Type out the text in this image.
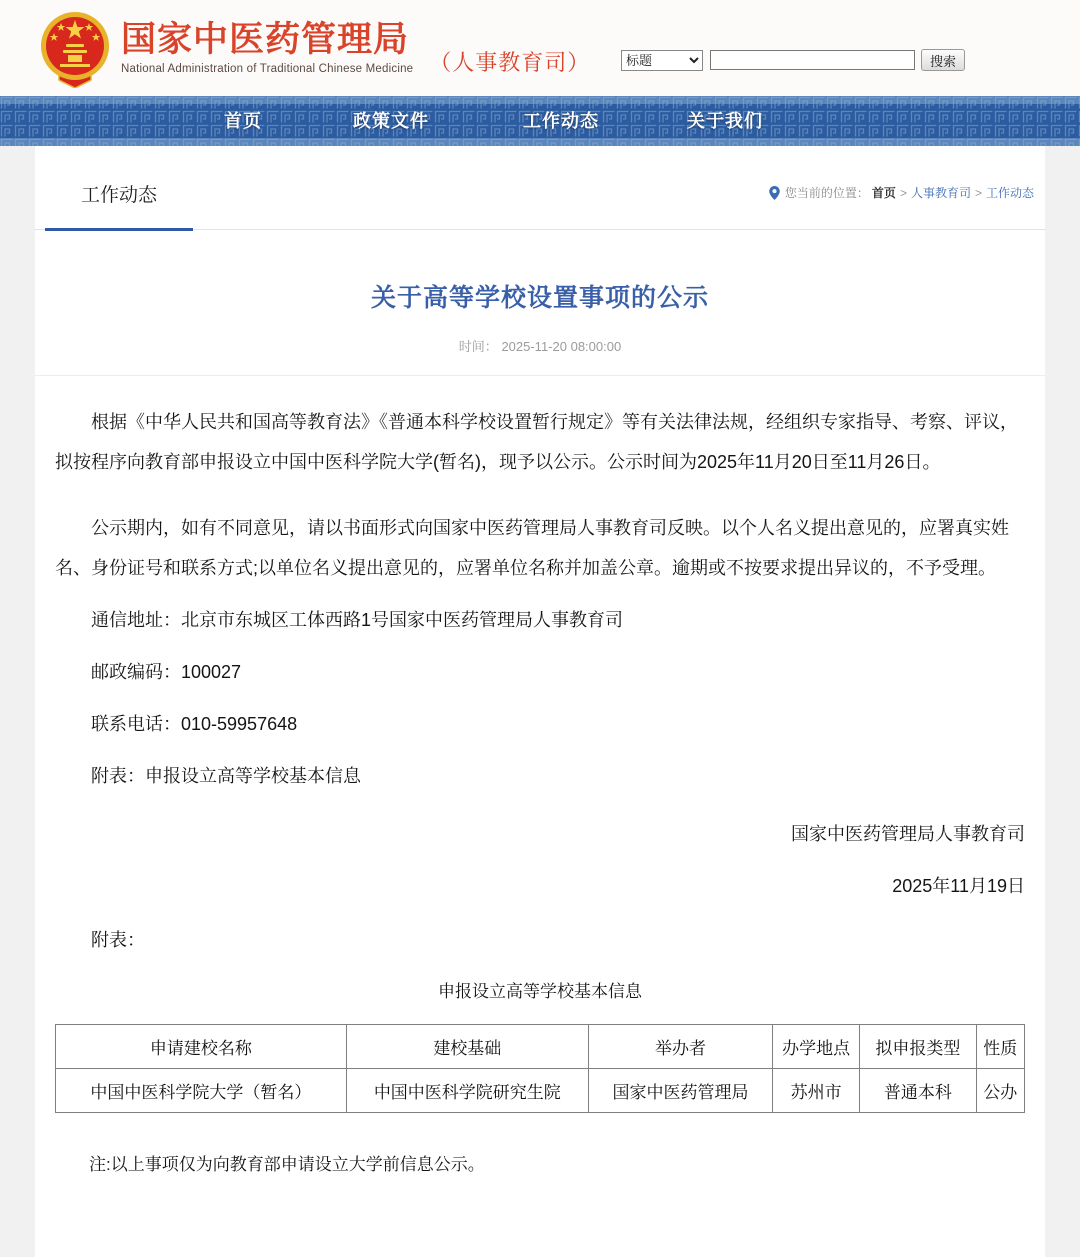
国家中医药管理局
National Administration of Traditional Chinese Medicine （人事教育司）
标题	搜索
首页	政策文件	工作动态	关于我们
工作动态	您当前的位置： 首页 > 人事教育司 > 工作动态
关于高等学校设置事项的公示
时间： 2025-11-20 08:00:00

根据《中华人民共和国高等教育法》《普通本科学校设置暂行规定》等有关法律法规，经组织专家指导、考察、评议，拟按程序向教育部申报设立中国中医科学院大学(暂名)，现予以公示。公示时间为2025年11月20日至11月26日。

公示期内，如有不同意见，请以书面形式向国家中医药管理局人事教育司反映。以个人名义提出意见的，应署真实姓名、身份证号和联系方式;以单位名义提出意见的，应署单位名称并加盖公章。逾期或不按要求提出异议的，不予受理。

通信地址：北京市东城区工体西路1号国家中医药管理局人事教育司

邮政编码：100027

联系电话：010-59957648

附表：申报设立高等学校基本信息

国家中医药管理局人事教育司

2025年11月19日

附表：

申报设立高等学校基本信息

申请建校名称	建校基础	举办者	办学地点	拟申报类型	性质
中国中医科学院大学（暂名）	中国中医科学院研究生院	国家中医药管理局	苏州市	普通本科	公办

注:以上事项仅为向教育部申请设立大学前信息公示。
